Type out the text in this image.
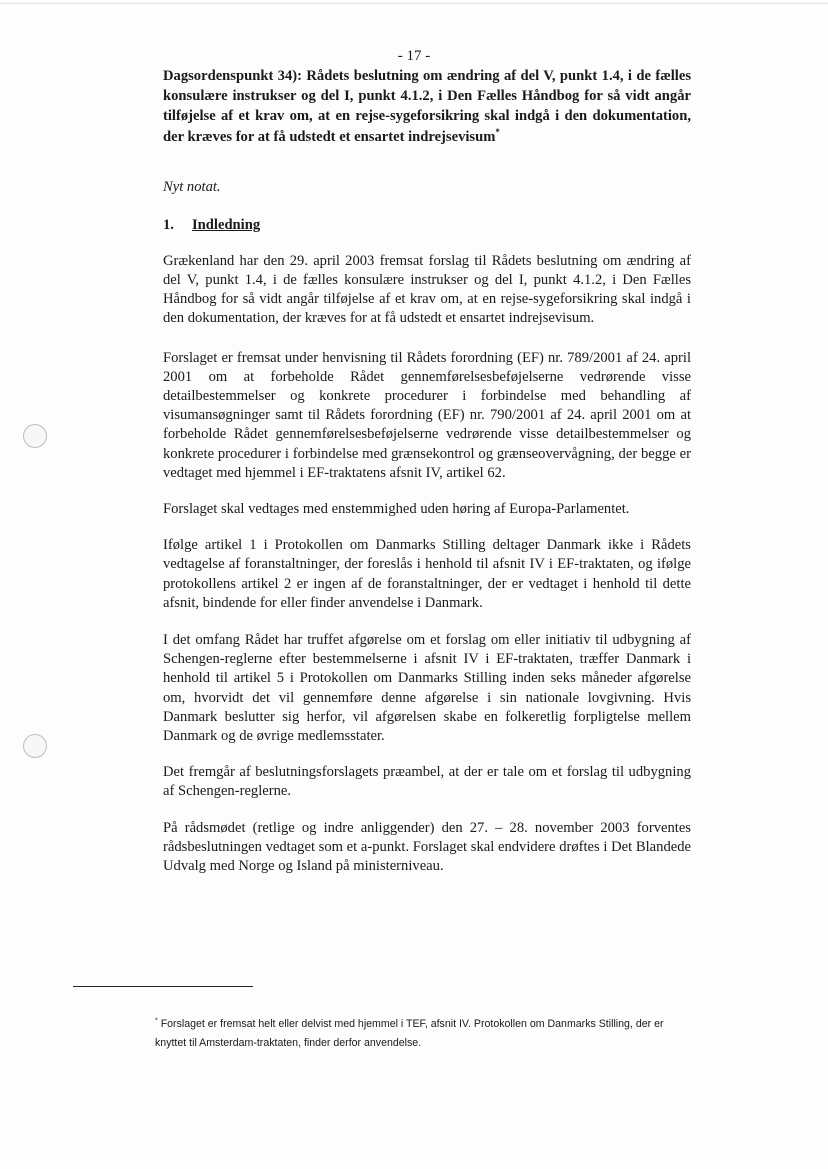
- 17 -

Dagsordenspunkt 34): Rådets beslutning om ændring af del V, punkt 1.4, i de fælles konsulære instrukser og del I, punkt 4.1.2, i Den Fælles Håndbog for så vidt angår tilføjelse af et krav om, at en rejse-sygeforsikring skal indgå i den dokumentation, der kræves for at få udstedt et ensartet indrejsevisum*

Nyt notat.

1. Indledning

Grækenland har den 29. april 2003 fremsat forslag til Rådets beslutning om ændring af del V, punkt 1.4, i de fælles konsulære instrukser og del I, punkt 4.1.2, i Den Fælles Håndbog for så vidt angår tilføjelse af et krav om, at en rejse-sygeforsikring skal indgå i den dokumentation, der kræves for at få udstedt et ensartet indrejsevisum.

Forslaget er fremsat under henvisning til Rådets forordning (EF) nr. 789/2001 af 24. april 2001 om at forbeholde Rådet gennemførelsesbeføjelserne vedrørende visse detailbestemmelser og konkrete procedurer i forbindelse med behandling af visumansøgninger samt til Rådets forordning (EF) nr. 790/2001 af 24. april 2001 om at forbeholde Rådet gennemførelsesbeføjelserne vedrørende visse detailbestemmelser og konkrete procedurer i forbindelse med grænsekontrol og grænseovervågning, der begge er vedtaget med hjemmel i EF-traktatens afsnit IV, artikel 62.

Forslaget skal vedtages med enstemmighed uden høring af Europa-Parlamentet.

Ifølge artikel 1 i Protokollen om Danmarks Stilling deltager Danmark ikke i Rådets vedtagelse af foranstaltninger, der foreslås i henhold til afsnit IV i EF-traktaten, og ifølge protokollens artikel 2 er ingen af de foranstaltninger, der er vedtaget i henhold til dette afsnit, bindende for eller finder anvendelse i Danmark.

I det omfang Rådet har truffet afgørelse om et forslag om eller initiativ til udbygning af Schengen-reglerne efter bestemmelserne i afsnit IV i EF-traktaten, træffer Danmark i henhold til artikel 5 i Protokollen om Danmarks Stilling inden seks måneder afgørelse om, hvorvidt det vil gennemføre denne afgørelse i sin nationale lovgivning. Hvis Danmark beslutter sig herfor, vil afgørelsen skabe en folkeretlig forpligtelse mellem Danmark og de øvrige medlemsstater.

Det fremgår af beslutningsforslagets præambel, at der er tale om et forslag til udbygning af Schengen-reglerne.

På rådsmødet (retlige og indre anliggender) den 27. – 28. november 2003 forventes rådsbeslutningen vedtaget som et a-punkt. Forslaget skal endvidere drøftes i Det Blandede Udvalg med Norge og Island på ministerniveau.

* Forslaget er fremsat helt eller delvist med hjemmel i TEF, afsnit IV. Protokollen om Danmarks Stilling, der er knyttet til Amsterdam-traktaten, finder derfor anvendelse.
